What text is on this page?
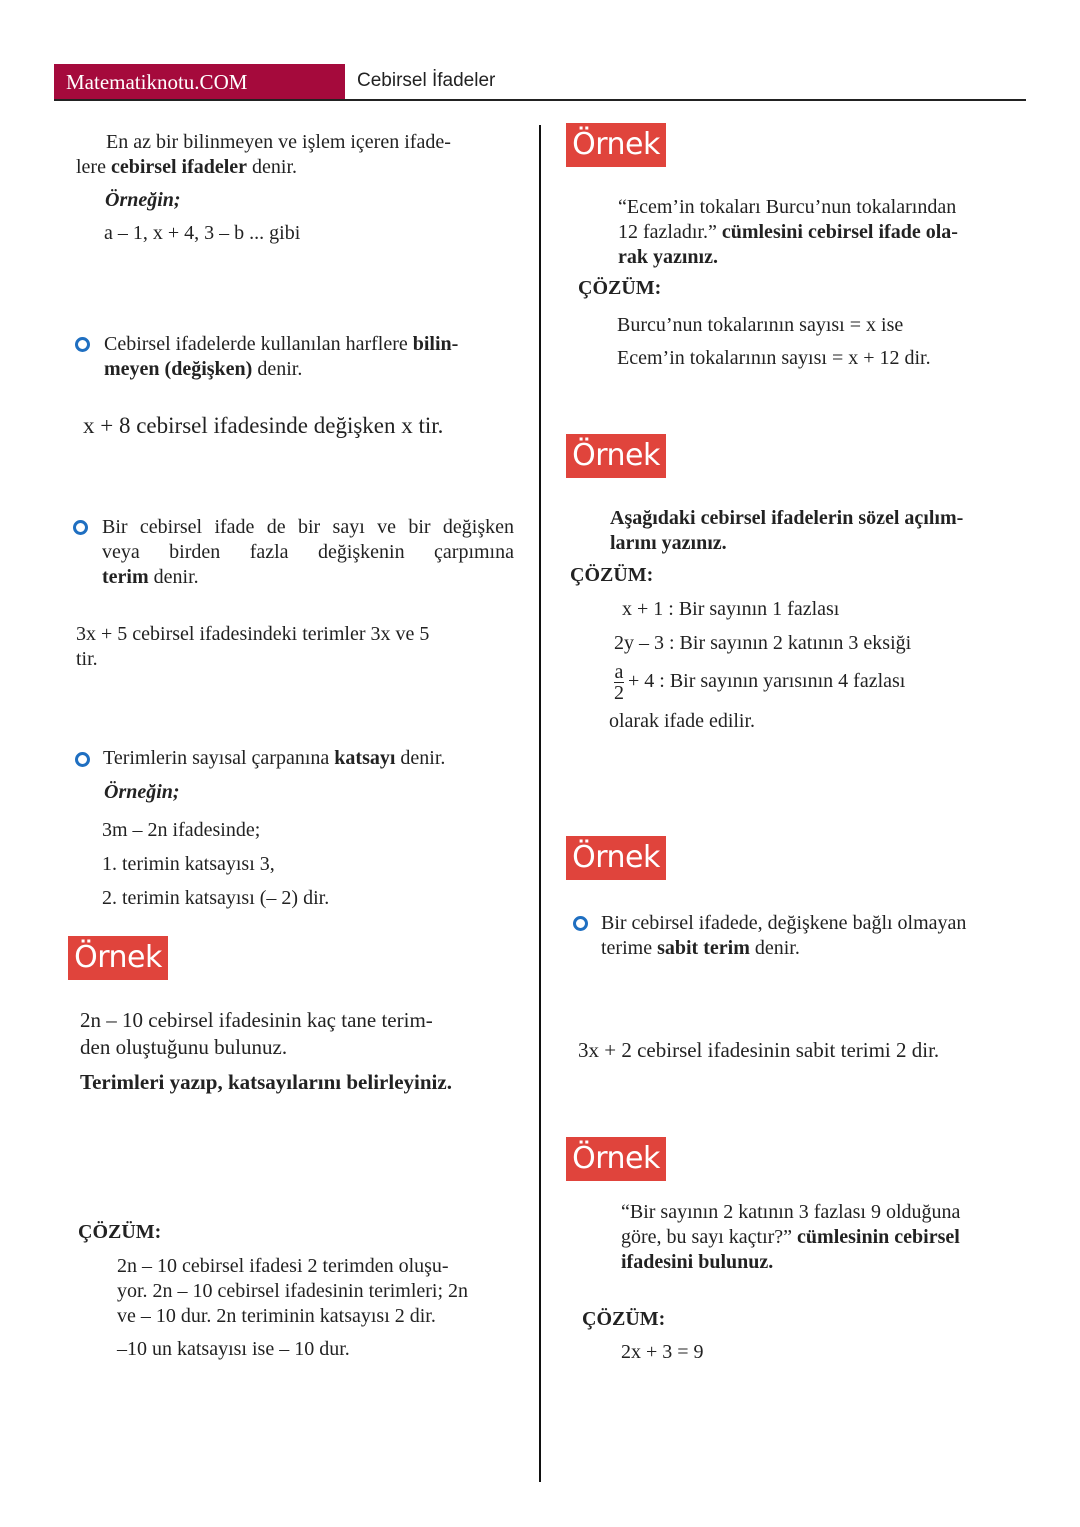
Matematiknotu.COM	Cebirsel İfadeler
En az bir bilinmeyen ve işlem içeren ifade-
lere cebirsel ifadeler denir.
Örneğin;
a – 1, x + 4, 3 – b ... gibi
Cebirsel ifadelerde kullanılan harflere bilin-
meyen (değişken) denir.
x + 8 cebirsel ifadesinde değişken x tir.
Bir cebirsel ifade de bir sayı ve bir değişken
veya birden fazla değişkenin çarpımına
terim denir.
3x + 5 cebirsel ifadesindeki terimler 3x ve 5
tir.
Terimlerin sayısal çarpanına katsayı denir.
Örneğin;
3m – 2n ifadesinde;
1. terimin katsayısı 3,
2. terimin katsayısı (– 2) dir.
Örnek
2n – 10 cebirsel ifadesinin kaç tane terim-
den oluştuğunu bulunuz.
Terimleri yazıp, katsayılarını belirleyiniz.
ÇÖZÜM:
2n – 10 cebirsel ifadesi 2 terimden oluşu-
yor. 2n – 10 cebirsel ifadesinin terimleri; 2n
ve – 10 dur. 2n teriminin katsayısı 2 dir.
–10 un katsayısı ise – 10 dur.
Örnek
“Ecem’in tokaları Burcu’nun tokalarından
12 fazladır.” cümlesini cebirsel ifade ola-
rak yazınız.
ÇÖZÜM:
Burcu’nun tokalarının sayısı = x ise
Ecem’in tokalarının sayısı = x + 12 dir.
Örnek
Aşağıdaki cebirsel ifadelerin sözel açılım-
larını yazınız.
ÇÖZÜM:
x + 1 : Bir sayının 1 fazlası
2y – 3 : Bir sayının 2 katının 3 eksiği
$\frac{a}{2} + 4$ : Bir sayının yarısının 4 fazlası
olarak ifade edilir.
Örnek
Bir cebirsel ifadede, değişkene bağlı olmayan
terime sabit terim denir.
3x + 2 cebirsel ifadesinin sabit terimi 2 dir.
Örnek
“Bir sayının 2 katının 3 fazlası 9 olduğuna
göre, bu sayı kaçtır?” cümlesinin cebirsel
ifadesini bulunuz.
ÇÖZÜM:
2x + 3 = 9
